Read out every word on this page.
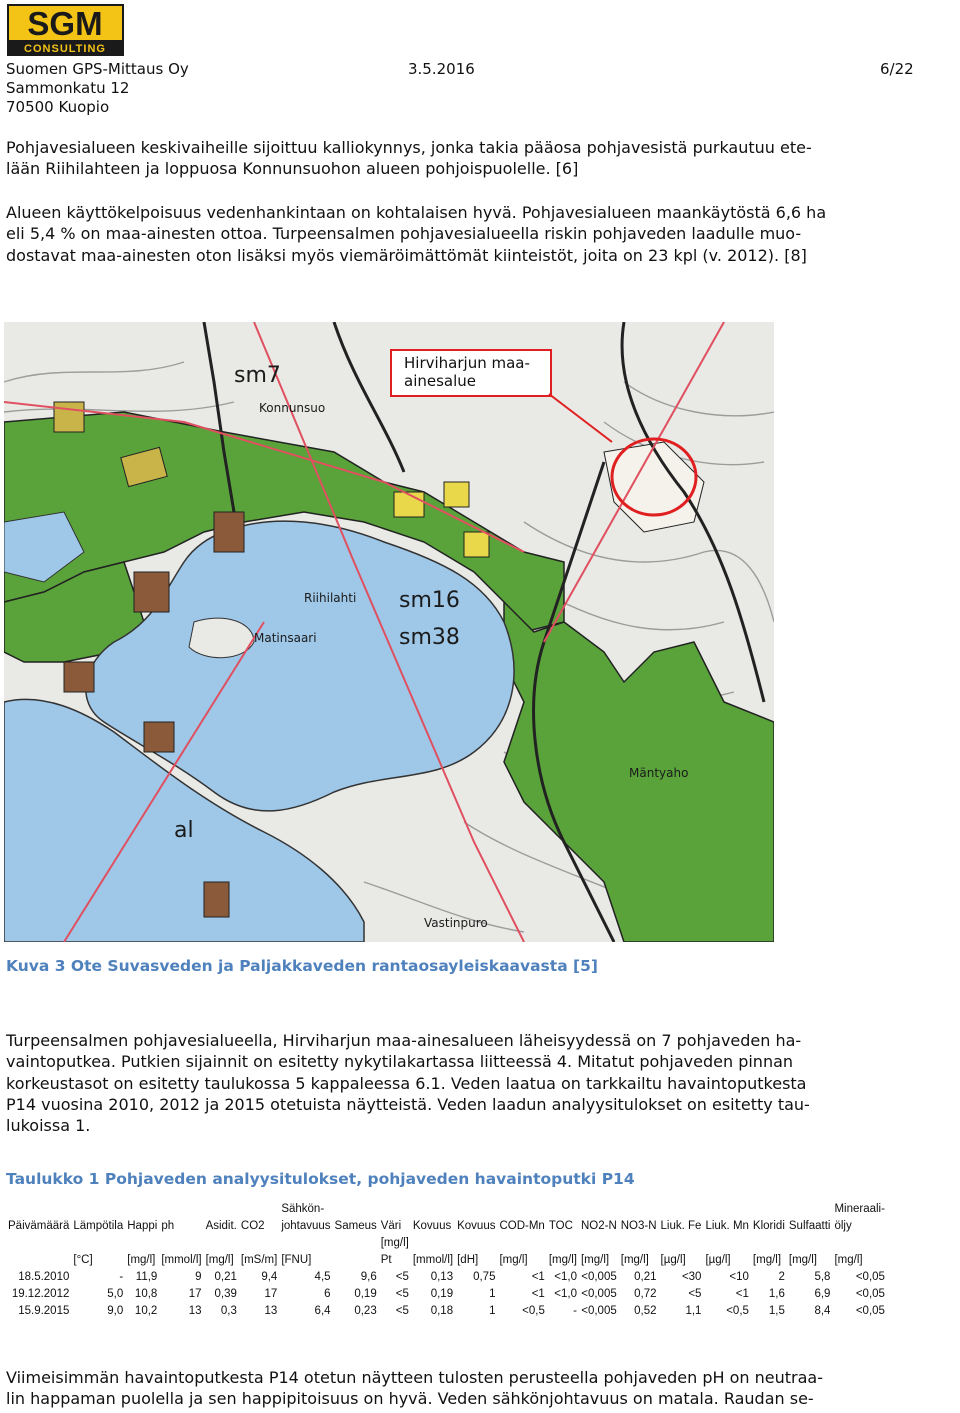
SGM
CONSULTING
Suomen GPS-Mittaus Oy	3.5.2016	6/22
Sammonkatu 12
70500 Kuopio
Pohjavesialueen keskivaiheille sijoittuu kalliokynnys, jonka takia pääosa pohjavesistä purkautuu ete-
lään Riihilahteen ja loppuosa Konnunsuohon alueen pohjoispuolelle. [6]
Alueen käyttökelpoisuus vedenhankintaan on kohtalaisen hyvä. Pohjavesialueen maankäytöstä 6,6 ha
eli 5,4 % on maa-ainesten ottoa. Turpeensalmen pohjavesialueella riskin pohjaveden laadulle muo-
dostavat maa-ainesten oton lisäksi myös viemäröimättömät kiinteistöt, joita on 23 kpl (v. 2012). [8]
sm7
sm16
sm38
al
Riihilahti
Matinsaari
Konnunsuo
Mäntyaho
Vastinpuro
Hirviharjun maa-
ainesalue
Kuva 3 Ote Suvasveden ja Paljakkaveden rantaosayleiskaavasta [5]
Turpeensalmen pohjavesialueella, Hirviharjun maa-ainesalueen läheisyydessä on 7 pohjaveden ha-
vaintoputkea. Putkien sijainnit on esitetty nykytilakartassa liitteessä 4. Mitatut pohjaveden pinnan
korkeustasot on esitetty taulukossa 5 kappaleessa 6.1. Veden laatua on tarkkailtu havaintoputkesta
P14 vuosina 2010, 2012 ja 2015 otetuista näytteistä. Veden laadun analyysitulokset on esitetty tau-
lukoissa 1.
Taulukko 1 Pohjaveden analyysitulokset, pohjaveden havaintoputki P14
						Sähkön-													Mineraali-
Päivämäärä	Lämpötila	Happi	ph	Asidit.	CO2	johtavuus	Sameus	Väri	Kovuus	Kovuus	COD-Mn	TOC	NO2-N	NO3-N	Liuk. Fe	Liuk. Mn	Kloridi	Sulfaatti	öljy
								[mg/l]											
	[°C]	[mg/l]	[mmol/l]	[mg/l]	[mS/m]	[FNU]		Pt	[mmol/l]	[dH]	[mg/l]	[mg/l]	[mg/l]	[mg/l]	[µg/l]	[µg/l]	[mg/l]	[mg/l]	[mg/l]
18.5.2010	-	11,9	9	0,21	9,4	4,5	9,6	<5	0,13	0,75	<1	<1,0	<0,005	0,21	<30	<10	2	5,8	<0,05
19.12.2012	5,0	10,8	17	0,39	17	6	0,19	<5	0,19	1	<1	<1,0	<0,005	0,72	<5	<1	1,6	6,9	<0,05
15.9.2015	9,0	10,2	13	0,3	13	6,4	0,23	<5	0,18	1	<0,5	-	<0,005	0,52	1,1	<0,5	1,5	8,4	<0,05
Viimeisimmän havaintoputkesta P14 otetun näytteen tulosten perusteella pohjaveden pH on neutraa-
lin happaman puolella ja sen happipitoisuus on hyvä. Veden sähkönjohtavuus on matala. Raudan se-
